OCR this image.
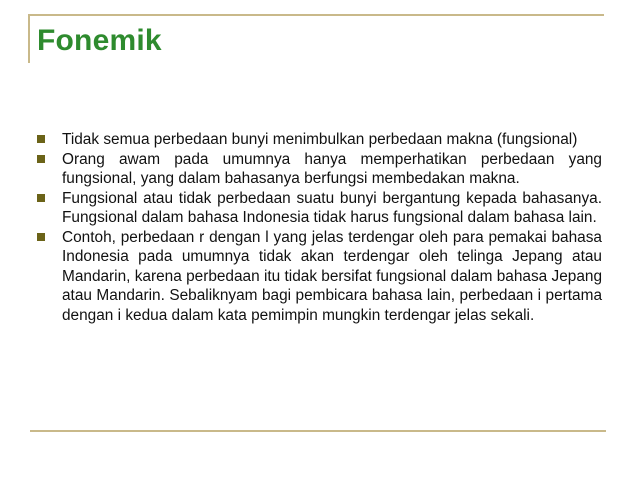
Fonemik
Tidak semua perbedaan bunyi menimbulkan perbedaan makna (fungsional)
Orang awam pada umumnya hanya memperhatikan perbedaan yang fungsional, yang dalam bahasanya berfungsi membedakan makna.
Fungsional atau tidak perbedaan suatu bunyi bergantung kepada bahasanya. Fungsional dalam bahasa Indonesia tidak harus fungsional dalam bahasa lain.
Contoh, perbedaan r dengan l yang jelas terdengar oleh para pemakai bahasa Indonesia pada umumnya tidak akan terdengar oleh telinga Jepang atau Mandarin, karena perbedaan itu tidak bersifat fungsional dalam bahasa Jepang atau Mandarin. Sebaliknyam bagi pembicara bahasa lain, perbedaan i pertama dengan i kedua dalam kata pemimpin mungkin terdengar jelas sekali.
